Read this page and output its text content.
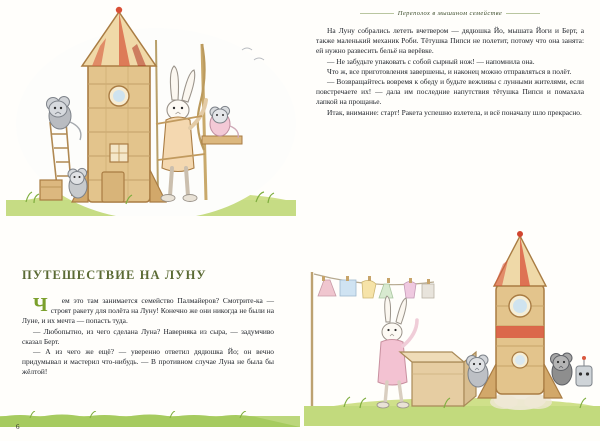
ПУТЕШЕСТВИЕ НА ЛУНУ

Ч	ем это там занимается семейство Палмайеров? Смотрите-ка — строят ракету для полёта на Луну! Конечно же они никогда не были на Луне, и их мечта — попасть туда.

— Любопытно, из чего сделана Луна? Наверняка из сыра, — задумчиво сказал Берт.

— А из чего же ещё? — уверенно ответил дядюшка Йо; он вечно придумывал и мастерил что-нибудь. — В противном случае Луна не была бы жёлтой!

6
Переполох в мышином семействе

На Луну собрались лететь вчетвером — дядюшка Йо, мышата Йоги и Берт, а также маленький механик Роби. Тётушка Пипси не полетит, потому что она занята: ей нужно развесить бельё на верёвке.

— Не забудьте упаковать с собой сырный нож! — напомнила она.

Что ж, все приготовления завершены, и наконец можно отправляться в полёт.

— Возвращайтесь вовремя к обеду и будьте вежливы с лунными жителями, если повстречаете их! — дала им последние напутствия тётушка Пипси и помахала лапкой на прощанье.

Итак, внимание: старт! Ракета успешно взлетела, и всё поначалу шло прекрасно.
